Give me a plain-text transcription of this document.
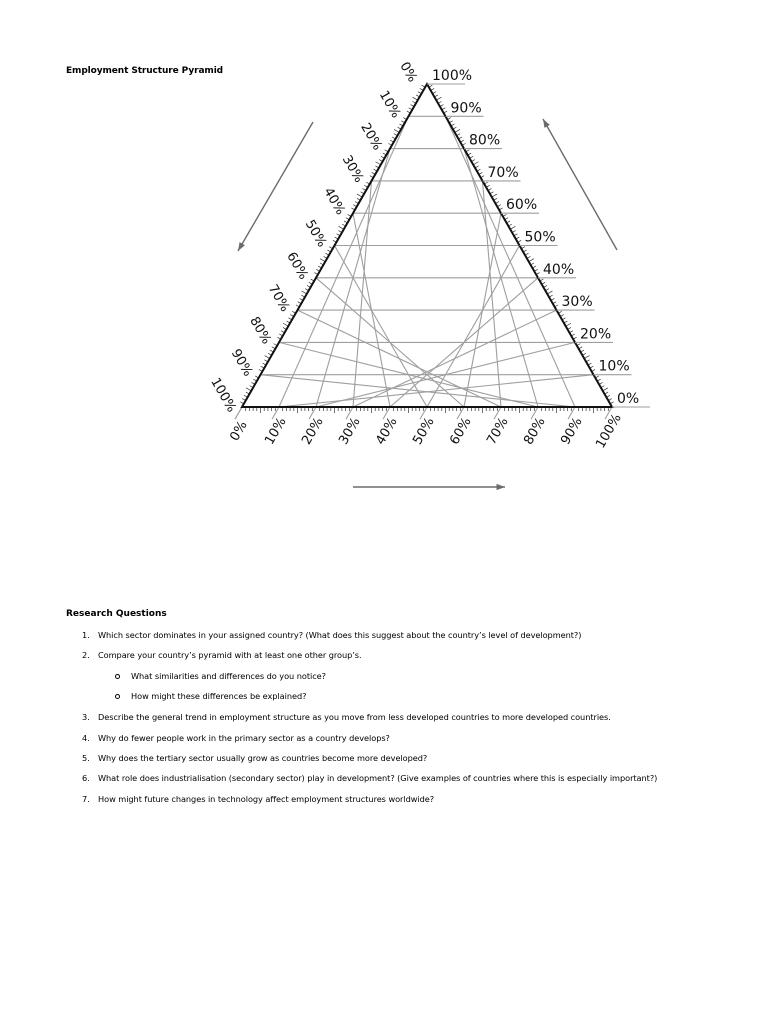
Employment Structure Pyramid	0%
10%
20%
30%
40%
50%
60%
70%
80%
90%
100%
0% 10% 20% 30% 40% 50% 60% 70% 80% 90% 100%
100%
90%
80%
70%
60%
50%
40%
30%
20%
10%
0%
Research Questions
1. Which sector dominates in your assigned country? (What does this suggest about the country’s level of development?)
2. Compare your country’s pyramid with at least one other group’s.
What similarities and differences do you notice?
How might these differences be explained?
3. Describe the general trend in employment structure as you move from less developed countries to more developed countries.
4. Why do fewer people work in the primary sector as a country develops?
5. Why does the tertiary sector usually grow as countries become more developed?
6. What role does industrialisation (secondary sector) play in development? (Give examples of countries where this is especially important?)
7. How might future changes in technology affect employment structures worldwide?
